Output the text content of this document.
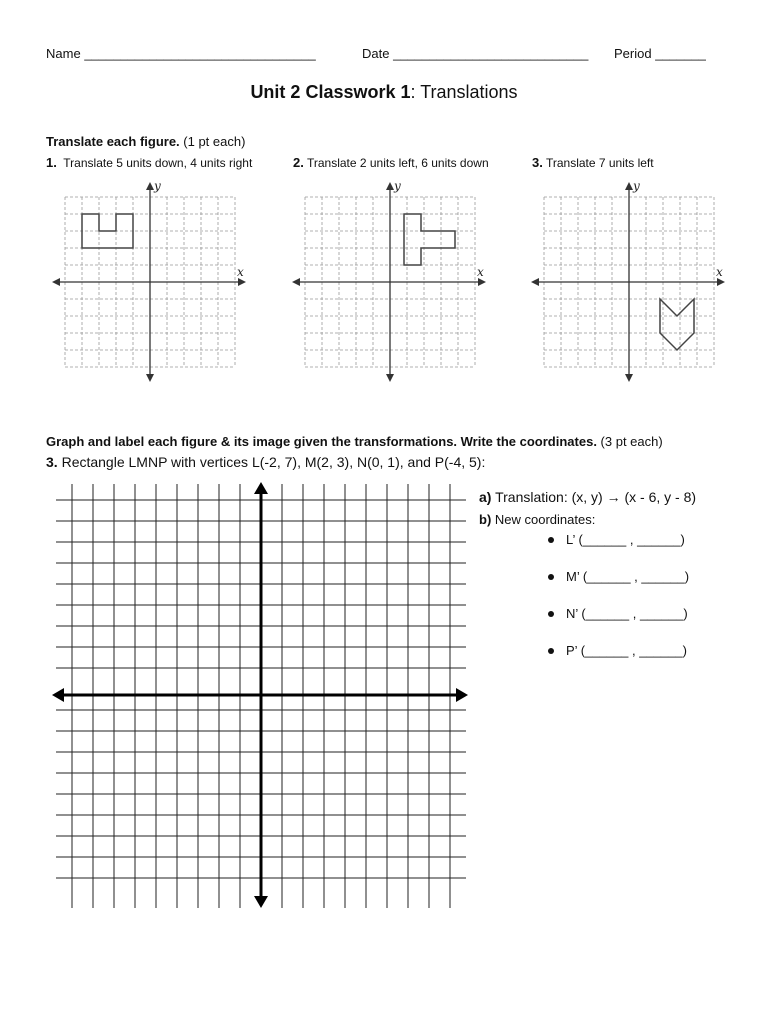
Name ________________________________	Date ___________________________ Period _______
Unit 2 Classwork 1: Translations
Translate each figure. (1 pt each)
1. Translate 5 units down, 4 units right	2. Translate 2 units left, 6 units down	3. Translate 7 units left
x
y
x
y
x
y
Graph and label each figure & its image given the transformations. Write the coordinates. (3 pt each)
3. Rectangle LMNP with vertices L(-2, 7), M(2, 3), N(0, 1), and P(-4, 5):
a) Translation: (x, y) → (x - 6, y - 8)
b) New coordinates:
L’ (______ , ______)
M’ (______ , ______)
N’ (______ , ______)
P’ (______ , ______)
